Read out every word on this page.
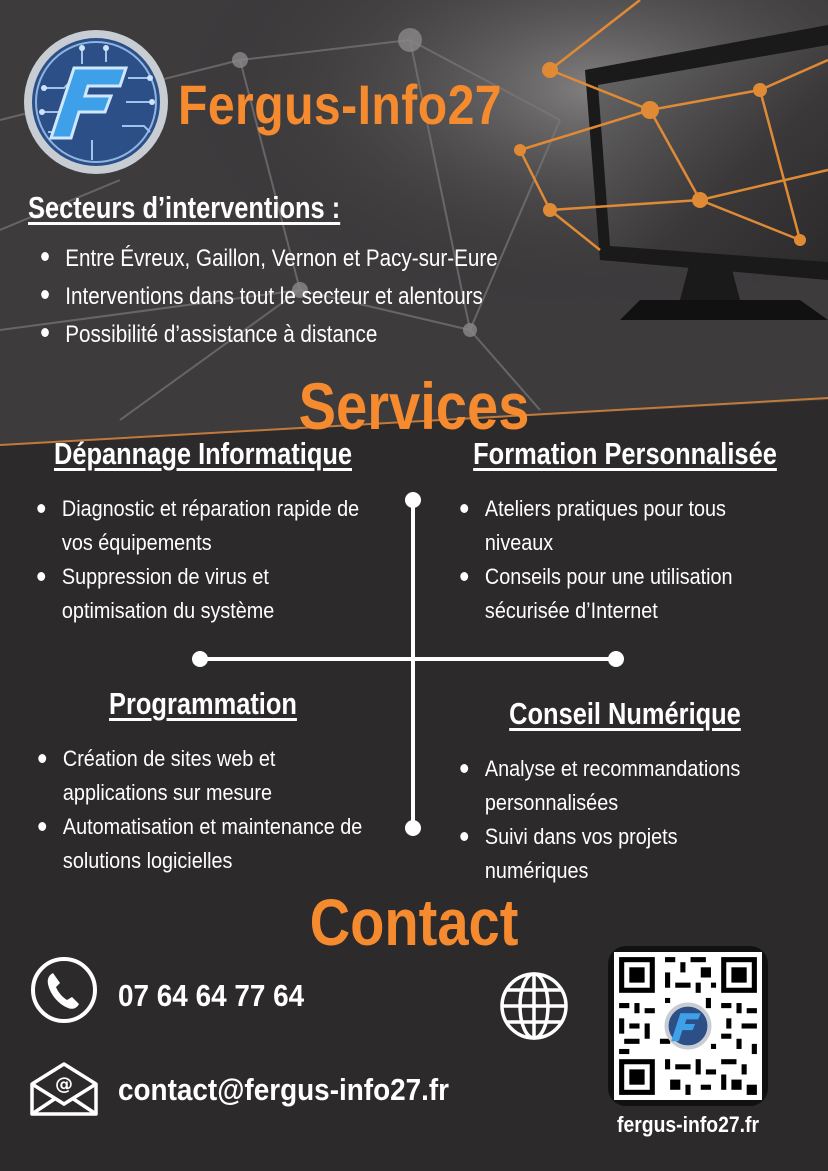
Fergus-Info27
Secteurs d’interventions :
Entre Évreux, Gaillon, Vernon et Pacy-sur-Eure
Interventions dans tout le secteur et alentours
Possibilité d’assistance à distance
Services
Dépannage Informatique
Diagnostic et réparation rapide de vos équipements
Suppression de virus et optimisation du système
Formation Personnalisée
Ateliers pratiques pour tous niveaux
Conseils pour une utilisation sécurisée d’Internet
Programmation
Création de sites web et applications sur mesure
Automatisation et maintenance de solutions logicielles
Conseil Numérique
Analyse et recommandations personnalisées
Suivi dans vos projets numériques
Contact
07 64 64 77 64
@ contact@fergus-info27.fr
fergus-info27.fr
